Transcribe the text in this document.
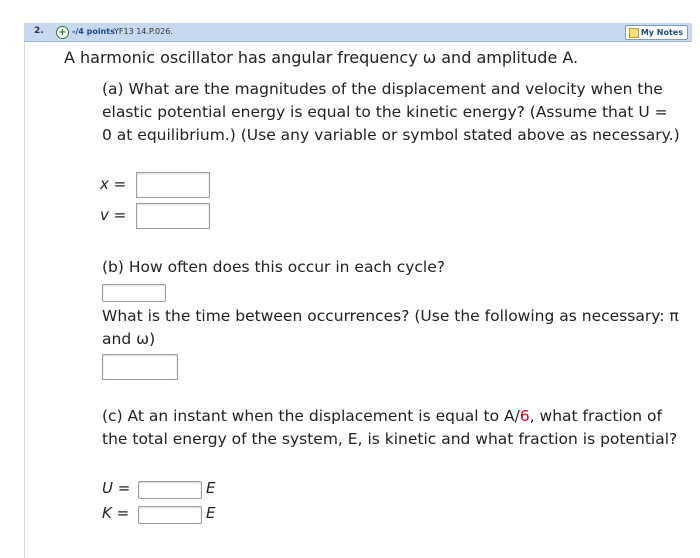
2. + -/4 points YF13 14.P.026.	My Notes
A harmonic oscillator has angular frequency ω and amplitude A.
(a) What are the magnitudes of the displacement and velocity when the elastic potential energy is equal to the kinetic energy? (Assume that U = 0 at equilibrium.) (Use any variable or symbol stated above as necessary.)
x =
v =
(b) How often does this occur in each cycle?
What is the time between occurrences? (Use the following as necessary: π and ω)
(c) At an instant when the displacement is equal to A/6, what fraction of the total energy of the system, E, is kinetic and what fraction is potential?
U =	E
K =	E
